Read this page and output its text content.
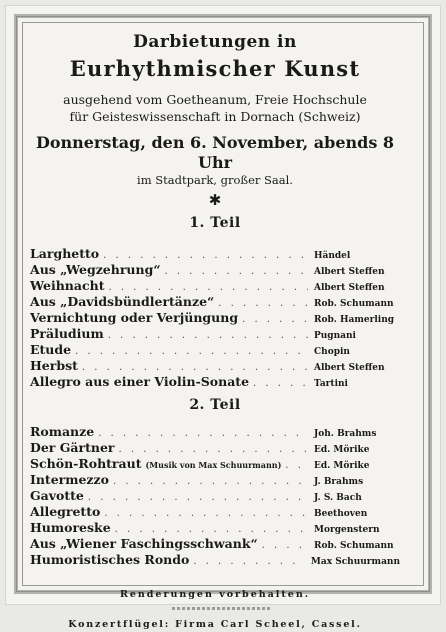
Darbietungen in
Eurhythmischer Kunst

ausgehend vom Goetheanum, Freie Hochschule

für Geisteswissenschaft in Dornach (Schweiz)

Donnerstag, den 6. November, abends 8 Uhr
im Stadtpark, großer Saal.
✱
1. Teil
Larghetto . . .	Händel
Aus „Wegzehrung“ . . .	Albert Steffen
Weihnacht . . .	Albert Steffen
Aus „Davidsbündlertänze“ . . .	Rob. Schumann
Vernichtung oder Verjüngung . . .	Rob. Hamerling
Präludium . . .	Pugnani
Etude . . .	Chopin
Herbst . . .	Albert Steffen
Allegro aus einer Violin-Sonate . . .	Tartini
2. Teil
Romanze . . .	Joh. Brahms
Der Gärtner . . .	Ed. Mörike
Schön-Rohtraut (Musik von Max Schuurmann) . . .	Ed. Mörike
Intermezzo . . .	J. Brahms
Gavotte . . .	J. S. Bach
Allegretto . . .	Beethoven
Humoreske . . .	Morgenstern
Aus „Wiener Faschingsschwank“ . . .	Rob. Schumann
Humoristisches Rondo . . .	Max Schuurmann
Renderungen vorbehalten.
Konzertflügel: Firma Carl Scheel, Cassel.
